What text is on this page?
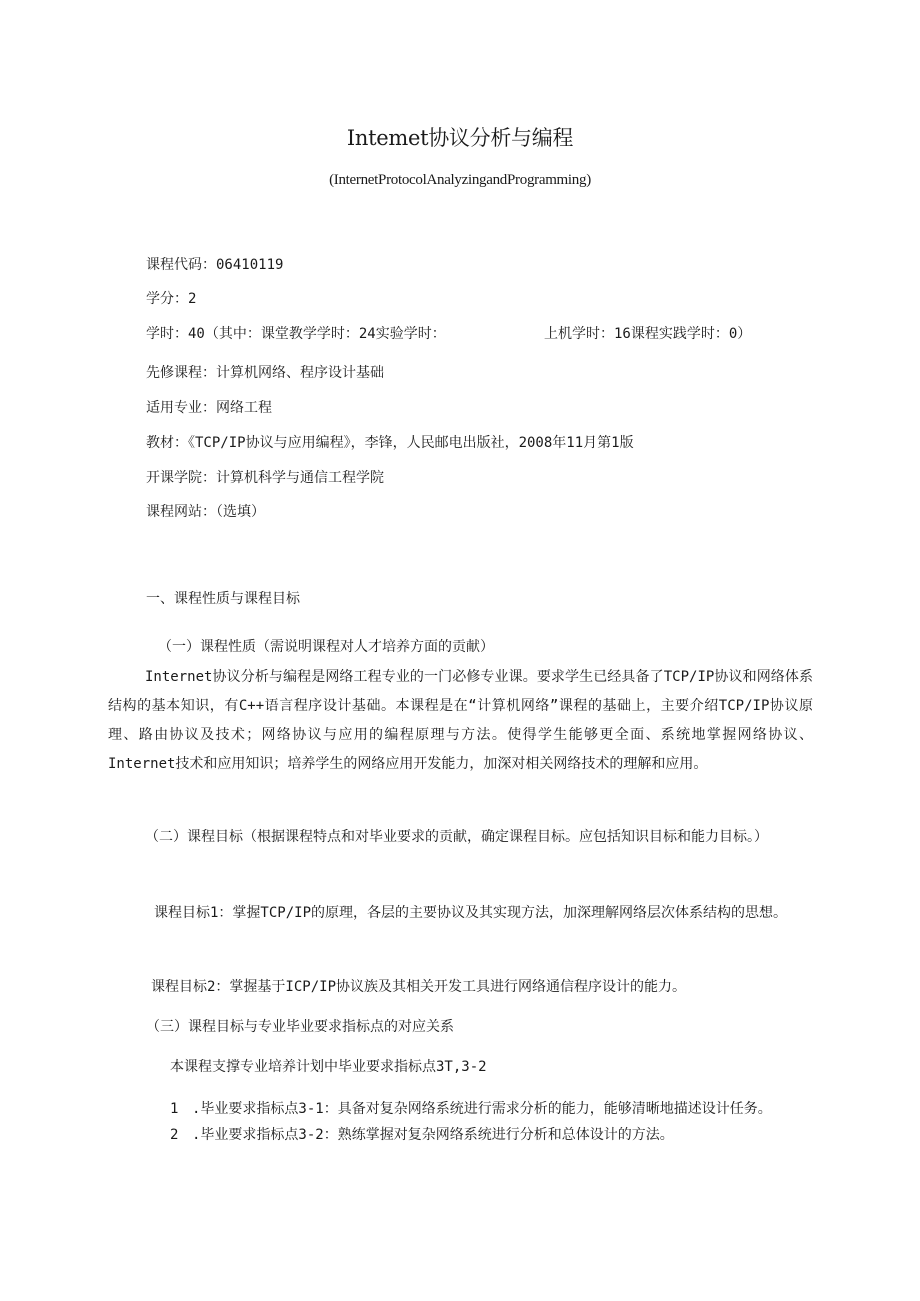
Intemet协议分析与编程
(InternetProtocolAnalyzingandProgramming)
课程代码：06410119
学分：2
学时：40（其中：课堂教学学时：24实验学时：	上机学时：16课程实践学时：0）
先修课程：计算机网络、程序设计基础
适用专业：网络工程
教材：《TCP/IP协议与应用编程》，李锋，人民邮电出版社，2008年11月第1版
开课学院：计算机科学与通信工程学院
课程网站：（选填）
一、课程性质与课程目标
（一）课程性质（需说明课程对人才培养方面的贡献）
Internet协议分析与编程是网络工程专业的一门必修专业课。要求学生已经具备了TCP/IP协议和网络体系结构的基本知识，有C++语言程序设计基础。本课程是在“计算机网络”课程的基础上，主要介绍TCP/IP协议原理、路由协议及技术；网络协议与应用的编程原理与方法。使得学生能够更全面、系统地掌握网络协议、Internet技术和应用知识；培养学生的网络应用开发能力，加深对相关网络技术的理解和应用。
（二）课程目标（根据课程特点和对毕业要求的贡献，确定课程目标。应包括知识目标和能力目标。）
课程目标1：掌握TCP/IP的原理，各层的主要协议及其实现方法，加深理解网络层次体系结构的思想。
课程目标2：掌握基于ICP/IP协议族及其相关开发工具进行网络通信程序设计的能力。
（三）课程目标与专业毕业要求指标点的对应关系
本课程支撑专业培养计划中毕业要求指标点3T,3-2
1 .毕业要求指标点3-1：具备对复杂网络系统进行需求分析的能力，能够清晰地描述设计任务。
2 .毕业要求指标点3-2：熟练掌握对复杂网络系统进行分析和总体设计的方法。
